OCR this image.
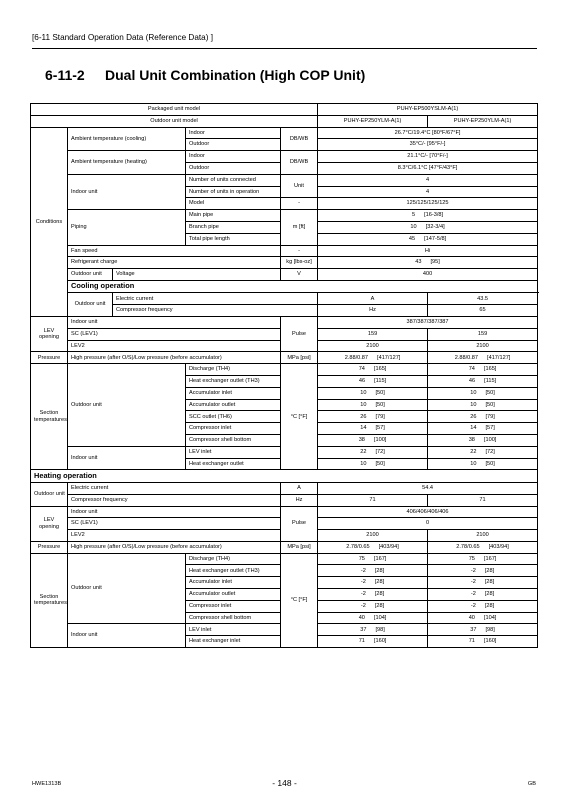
[6-11 Standard Operation Data (Reference Data) ]
6-11-2 Dual Unit Combination (High COP Unit)
Packaged unit model					PUHY-EP500YSLM-A(1)		
Outdoor unit model					PUHY-EP250YLM-A(1)	PUHY-EP250YLM-A(1)	
Conditions	Ambient temperature (cooling)		Indoor	DB/WB	26.7°C/19.4°C [80°F/67°F]		
			Outdoor		35°C/- [95°F/-]		
	Ambient temperature (heating)		Indoor	DB/WB	21.1°C/- [70°F/-]		
			Outdoor		8.3°C/6.1°C [47°F/43°F]		
	Indoor unit		Number of units connected	Unit	4		
			Number of units in operation		4		
			Model	-	125/125/125/125		
	Piping		Main pipe	m [ft]	5 [16-3/8]		
			Branch pipe		10 [32-3/4]		
			Total pipe length		45 [147-5/8]		
	Fan speed			-	Hi		
	Refrigerant charge			kg [lbs-oz]	43 [95]		
	Outdoor unit	Voltage		V	400		
	Cooling operation						
	Outdoor unit	Electric current			A	43.5	
		Compressor frequency			Hz	65	
LEV opening	Indoor unit			Pulse	387/387/387/387		
	SC (LEV1)				159	159	
	LEV2				2100	2100	
Pressure	High pressure (after O/S)/Low pressure (before accumulator)			MPa [psi]	2.88/0.87 [417/127]	2.88/0.87 [417/127]	
Section temperatures	Outdoor unit		Discharge (TH4)	°C [°F]	74 [165]	74 [165]	
			Heat exchanger outlet (TH3)		46 [115]	46 [115]	
			Accumulator inlet		10 [50]	10 [50]	
			Accumulator outlet		10 [50]	10 [50]	
			SCC outlet (TH6)		26 [79]	26 [79]	
			Compressor inlet		14 [57]	14 [57]	
			Compressor shell bottom		38 [100]	38 [100]	
	Indoor unit		LEV inlet		22 [72]	22 [72]	
			Heat exchanger outlet		10 [50]	10 [50]	
Heating operation							
Outdoor unit	Electric current			A	54.4		
	Compressor frequency			Hz	71	71	
LEV opening	Indoor unit			Pulse	406/406/406/406		
	SC (LEV1)				0		
	LEV2				2100	2100	
Pressure	High pressure (after O/S)/Low pressure (before accumulator)			MPa [psi]	2.78/0.65 [403/94]	2.78/0.65 [403/94]	
Section temperatures	Outdoor unit		Discharge (TH4)	°C [°F]	75 [167]	75 [167]	
			Heat exchanger outlet (TH3)		-2 [28]	-2 [28]	
			Accumulator inlet		-2 [28]	-2 [28]	
			Accumulator outlet		-2 [28]	-2 [28]	
			Compressor inlet		-2 [28]	-2 [28]	
			Compressor shell bottom		40 [104]	40 [104]	
	Indoor unit		LEV inlet		37 [98]	37 [98]	
			Heat exchanger inlet		71 [160]	71 [160]	
HWE1313B	- 148 -	GB
